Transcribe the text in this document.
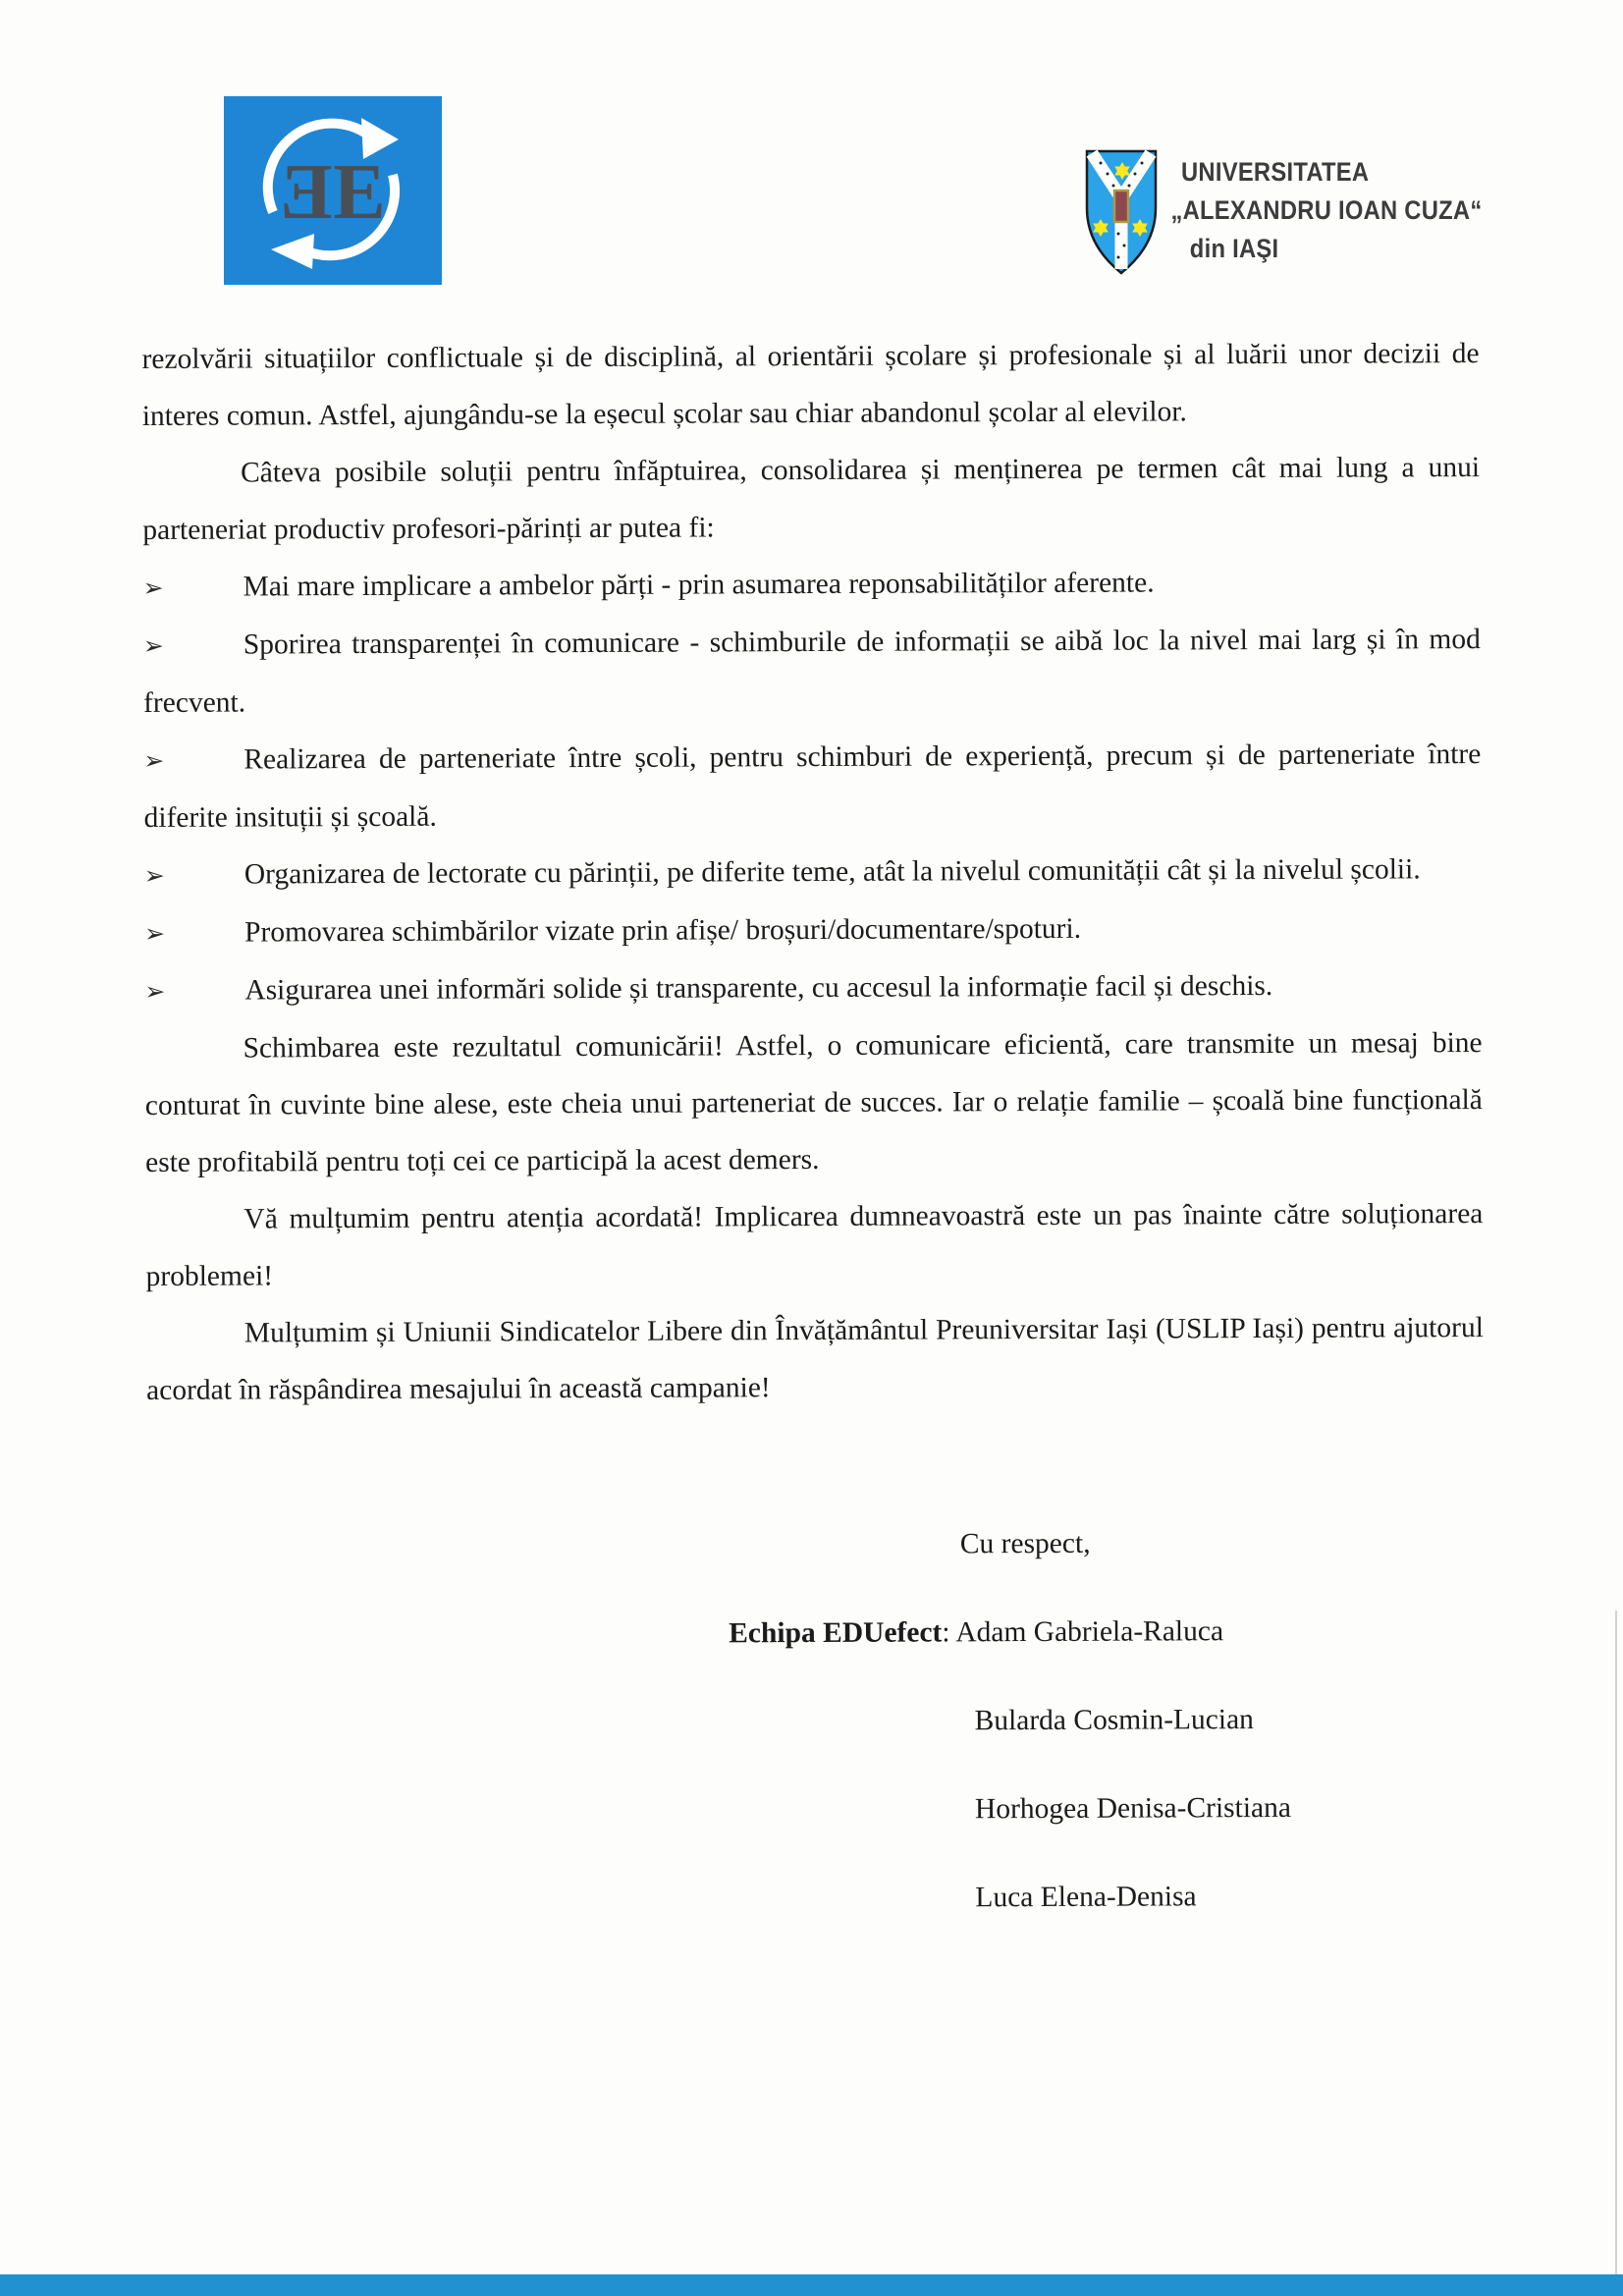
E E	UNIVERSITATEA
„ALEXANDRU IOAN CUZA“
din IAŞI

rezolvării situațiilor conflictuale și de disciplină, al orientării școlare și profesionale și al luării unor decizii de interes comun. Astfel, ajungându-se la eșecul școlar sau chiar abandonul școlar al elevilor.

Câteva posibile soluții pentru înfăptuirea, consolidarea și menținerea pe termen cât mai lung a unui parteneriat productiv profesori-părinți ar putea fi:

➢	Mai mare implicare a ambelor părți - prin asumarea reponsabilităților aferente.

➢	Sporirea transparenței în comunicare - schimburile de informații se aibă loc la nivel mai larg și în mod frecvent.

➢	Realizarea de parteneriate între școli, pentru schimburi de experiență, precum și de parteneriate între diferite insituții și școală.

➢	Organizarea de lectorate cu părinții, pe diferite teme, atât la nivelul comunității cât și la nivelul școlii.

➢	Promovarea schimbărilor vizate prin afișe/ broșuri/documentare/spoturi.

➢	Asigurarea unei informări solide și transparente, cu accesul la informație facil și deschis.

Schimbarea este rezultatul comunicării! Astfel, o comunicare eficientă, care transmite un mesaj bine conturat în cuvinte bine alese, este cheia unui parteneriat de succes. Iar o relație familie – școală bine funcțională este profitabilă pentru toți cei ce participă la acest demers.

Vă mulțumim pentru atenția acordată! Implicarea dumneavoastră este un pas înainte către soluționarea problemei!

Mulțumim și Uniunii Sindicatelor Libere din Învățământul Preuniversitar Iași (USLIP Iași) pentru ajutorul acordat în răspândirea mesajului în această campanie!

Cu respect,
Echipa EDUefect: Adam Gabriela-Raluca
Bularda Cosmin-Lucian
Horhogea Denisa-Cristiana
Luca Elena-Denisa
